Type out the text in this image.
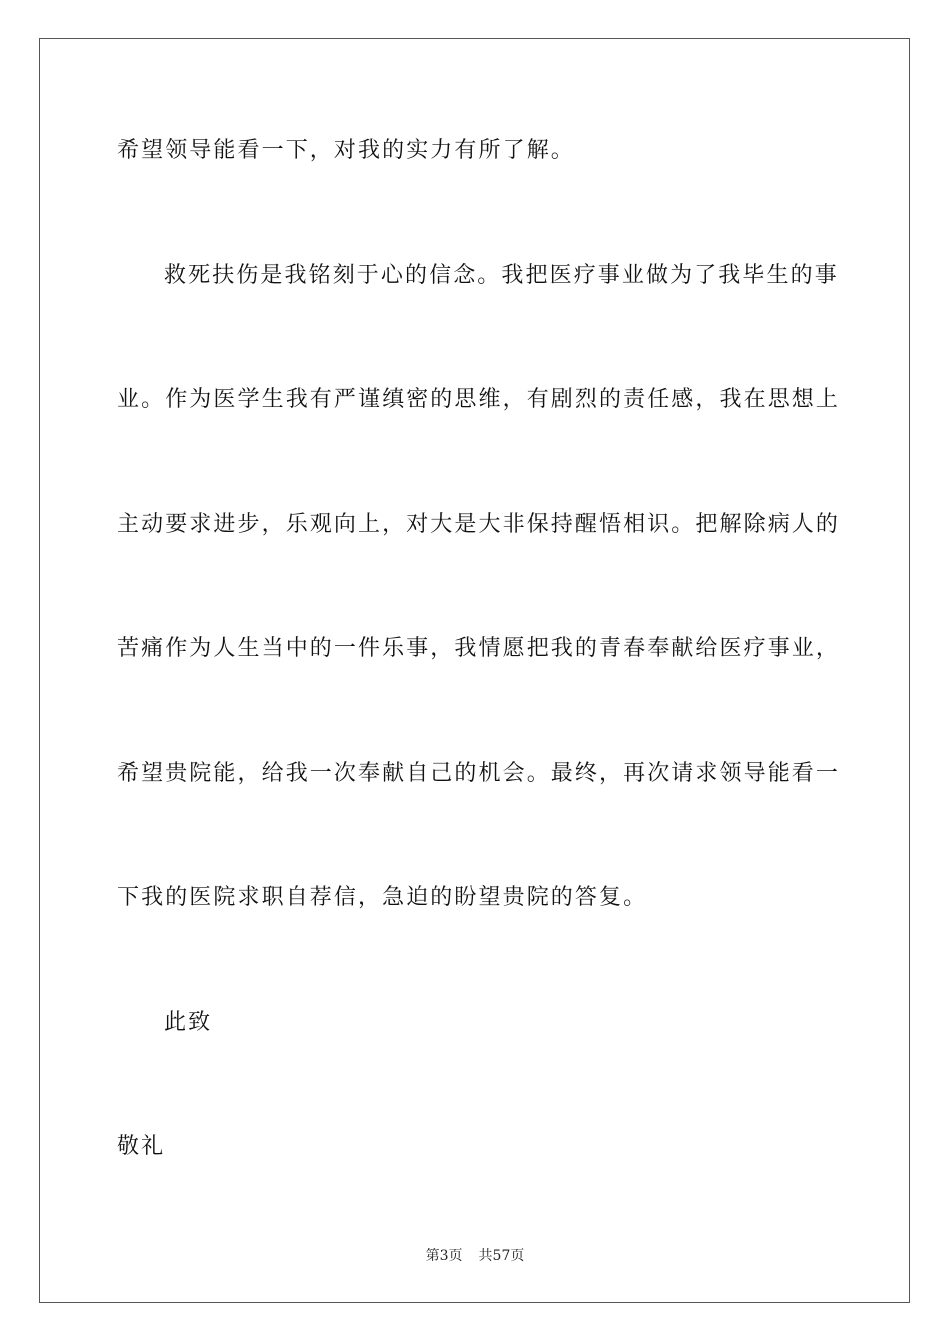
希望领导能看一下，对我的实力有所了解。
救死扶伤是我铭刻于心的信念。我把医疗事业做为了我毕生的事
业。作为医学生我有严谨缜密的思维，有剧烈的责任感，我在思想上
主动要求进步，乐观向上，对大是大非保持醒悟相识。把解除病人的
苦痛作为人生当中的一件乐事，我情愿把我的青春奉献给医疗事业，
希望贵院能，给我一次奉献自己的机会。最终，再次请求领导能看一
下我的医院求职自荐信，急迫的盼望贵院的答复。
此致
敬礼
第3页 共57页
